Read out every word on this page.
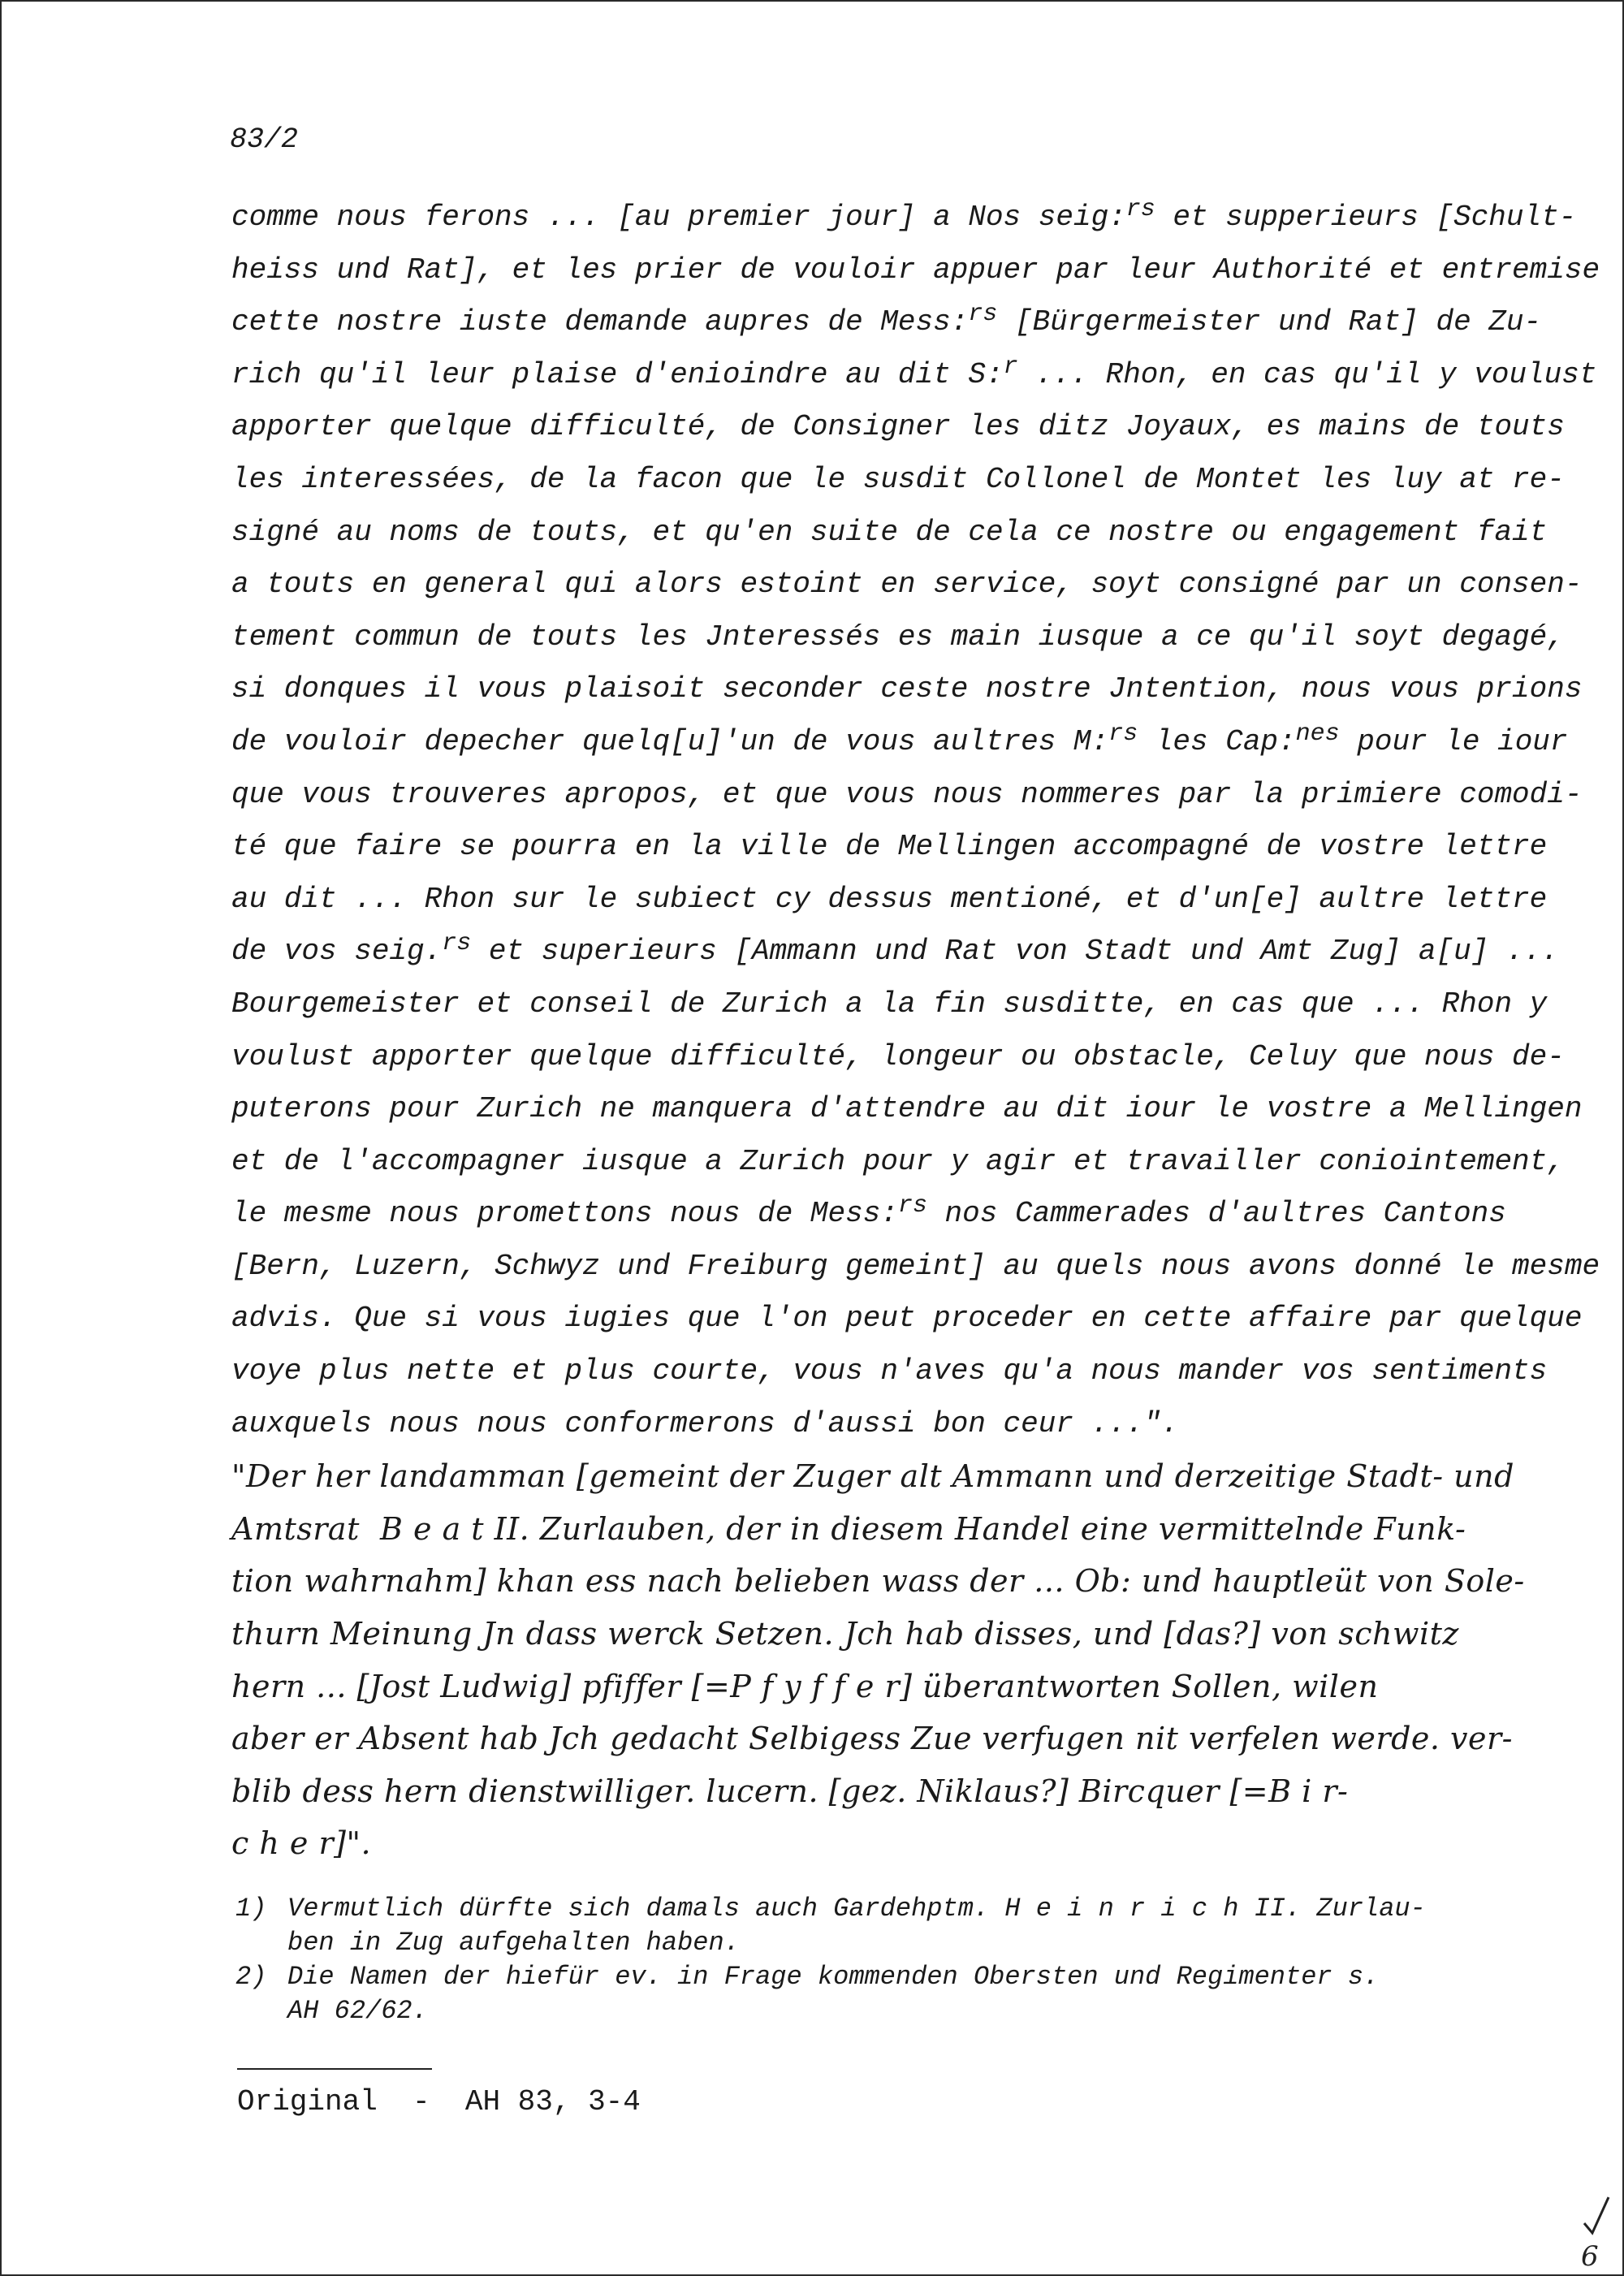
83/2
comme nous ferons ... [au premier jour] a Nos seig:$^{rs}$ et supperieurs [Schult-
heiss und Rat], et les prier de vouloir appuer par leur Authorité et entremise
cette nostre iuste demande aupres de Mess:$^{rs}$ [Bürgermeister und Rat] de Zu-
rich qu'il leur plaise d'enioindre au dit S:$^r$ ... Rhon, en cas qu'il y voulust
apporter quelque difficulté, de Consigner les ditz Joyaux, es mains de touts
les interessées, de la facon que le susdit Collonel de Montet les luy at re-
signé au noms de touts, et qu'en suite de cela ce nostre ou engagement fait
a touts en general qui alors estoint en service, soyt consigné par un consen-
tement commun de touts les Jnteressés es main iusque a ce qu'il soyt degagé,
si donques il vous plaisoit seconder ceste nostre Jntention, nous vous prions
de vouloir depecher quelq[u]'un de vous aultres M:$^{rs}$ les Cap:$^{nes}$ pour le iour
que vous trouveres apropos, et que vous nous nommeres par la primiere comodi-
té que faire se pourra en la ville de Mellingen accompagné de vostre lettre
au dit ... Rhon sur le subiect cy dessus mentioné, et d'un[e] aultre lettre
de vos seig.$^{rs}$ et superieurs [Ammann und Rat von Stadt und Amt Zug] a[u] ...
Bourgemeister et conseil de Zurich a la fin susditte, en cas que ... Rhon y
voulust apporter quelque difficulté, longeur ou obstacle, Celuy que nous de-
puterons pour Zurich ne manquera d'attendre au dit iour le vostre a Mellingen
et de l'accompagner iusque a Zurich pour y agir et travailler coniointement,
le mesme nous promettons nous de Mess:$^{rs}$ nos Cammerades d'aultres Cantons
[Bern, Luzern, Schwyz und Freiburg gemeint] au quels nous avons donné le mesme
advis. Que si vous iugies que l'on peut proceder en cette affaire par quelque
voye plus nette et plus courte, vous n'aves qu'a nous mander vos sentiments
auxquels nous nous conformerons d'aussi bon ceur ...".
"Der her landamman [gemeint der Zuger alt Ammann und derzeitige Stadt- und
Amtsrat  B e a t II. Zurlauben, der in diesem Handel eine vermittelnde Funk-
tion wahrnahm] khan ess nach belieben wass der ... Ob: und hauptleüt von Sole-
thurn Meinung Jn dass werck Setzen. Jch hab disses, und [das?] von schwitz
hern ... [Jost Ludwig] pfiffer [=P f y f f e r] überantworten Sollen, wilen
aber er Absent hab Jch gedacht Selbigess Zue verfugen nit verfelen werde. ver-
blib dess hern dienstwilliger. lucern. [gez. Niklaus?] Bircquer [=B i r-
c h e r]".
1) Vermutlich dürfte sich damals auch Gardehptm. H e i n r i c h II. Zurlau-
ben in Zug aufgehalten haben.
2) Die Namen der hiefür ev. in Frage kommenden Obersten und Regimenter s.
AH 62/62.
Original  -  AH 83, 3-4
6
